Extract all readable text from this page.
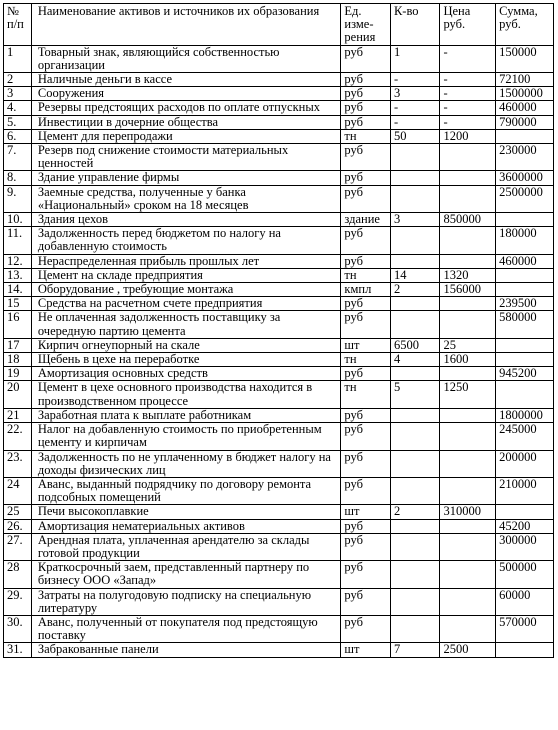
№ п/п	Наименование активов и источников их образования	Ед. изме-рения	К-во	Цена руб.	Сумма, руб.
1	Товарный знак, являющийся собственностью организации	руб	1	-	150000
2	Наличные деньги в кассе	руб	-	-	72100
3	Сооружения	руб	3	-	1500000
4.	Резервы предстоящих расходов по оплате отпускных	руб	-	-	460000
5.	Инвестиции в дочерние общества	руб	-	-	790000
6.	Цемент для перепродажи	тн	50	1200	
7.	Резерв под снижение стоимости материальных ценностей	руб			230000
8.	Здание управление фирмы	руб			3600000
9.	Заемные средства, полученные у банка «Национальный» сроком на 18 месяцев	руб			2500000
10.	Здания цехов	здание	3	850000	
11.	Задолженность перед бюджетом по налогу на добавленную стоимость	руб			180000
12.	Нераспределенная прибыль прошлых лет	руб			460000
13.	Цемент на складе предприятия	тн	14	1320	
14.	Оборудование , требующие монтажа	кмпл	2	156000	
15	Средства на расчетном счете предприятия	руб			239500
16	Не оплаченная задолженность поставщику за очередную партию цемента	руб			580000
17	Кирпич огнеупорный на скале	шт	6500	25	
18	Щебень в цехе на переработке	тн	4	1600	
19	Амортизация основных средств	руб			945200
20	Цемент в цехе основного производства находится в производственном процессе	тн	5	1250	
21	Заработная плата к выплате работникам	руб			1800000
22.	Налог на добавленную стоимость по приобретенным цементу и кирпичам	руб			245000
23.	Задолженность по не уплаченному в бюджет налогу на доходы физических лиц	руб			200000
24	Аванс, выданный подрядчику по договору ремонта подсобных помещений	руб			210000
25	Печи высокоплавкие	шт	2	310000	
26.	Амортизация нематериальных активов	руб			45200
27.	Арендная плата, уплаченная арендателю за склады готовой продукции	руб			300000
28	Краткосрочный заем, представленный партнеру по бизнесу ООО «Запад»	руб			500000
29.	Затраты на полугодовую подписку на специальную литературу	руб			60000
30.	Аванс, полученный от покупателя под предстоящую поставку	руб			570000
31.	Забракованные панели	шт	7	2500	
